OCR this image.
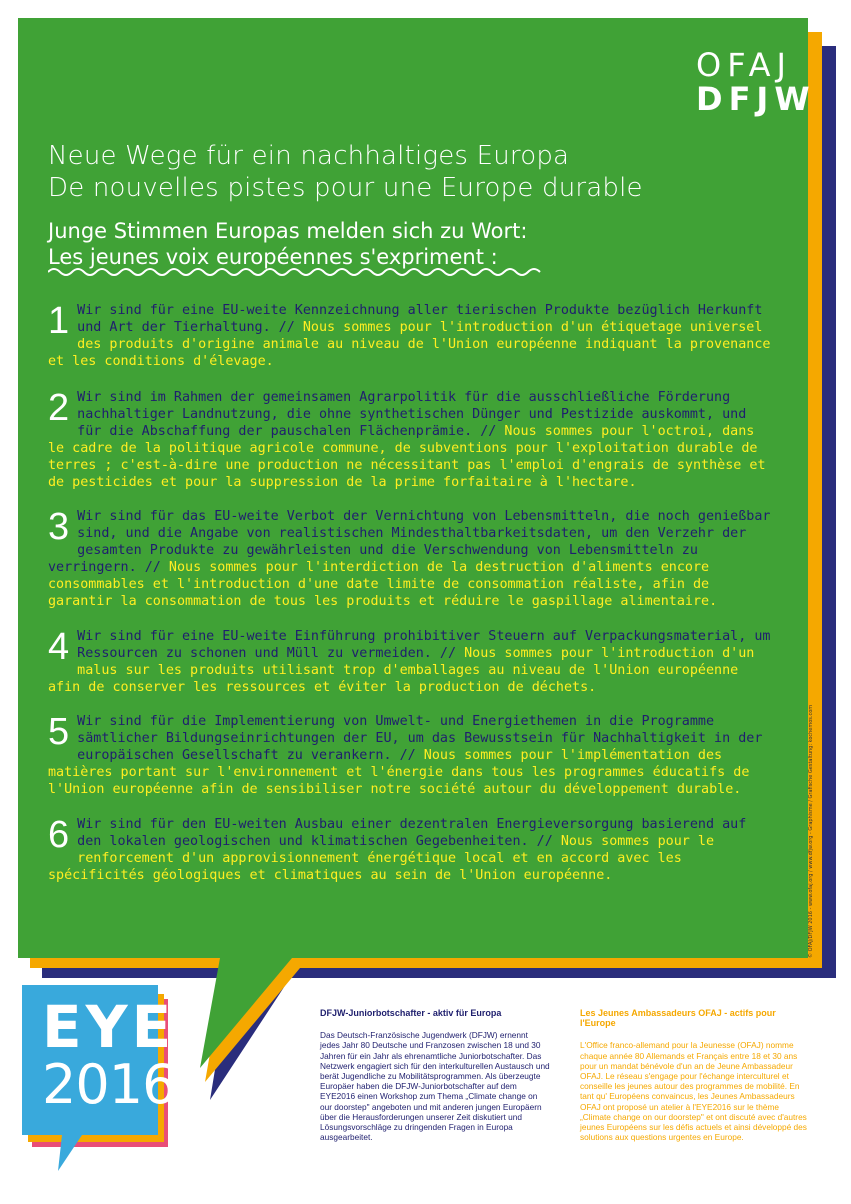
OFAJ
DFJW
Neue Wege für ein nachhaltiges Europa
De nouvelles pistes pour une Europe durable
Junge Stimmen Europas melden sich zu Wort:
Les jeunes voix européennes s'expriment :
1 Wir sind für eine EU-weite Kennzeichnung aller tierischen Produkte bezüglich Herkunft und Art der Tierhaltung. // Nous sommes pour l'introduction d'un étiquetage universel des produits d'origine animale au niveau de l'Union européenne indiquant la provenance et les conditions d'élevage.
2 Wir sind im Rahmen der gemeinsamen Agrarpolitik für die ausschließliche Förderung nachhaltiger Landnutzung, die ohne synthetischen Dünger und Pestizide auskommt, und für die Abschaffung der pauschalen Flächenprämie. // Nous sommes pour l'octroi, dans le cadre de la politique agricole commune, de subventions pour l'exploitation durable de terres ; c'est-à-dire une production ne nécessitant pas l'emploi d'engrais de synthèse et de pesticides et pour la suppression de la prime forfaitaire à l'hectare.
3 Wir sind für das EU-weite Verbot der Vernichtung von Lebensmitteln, die noch genießbar sind, und die Angabe von realistischen Mindesthaltbarkeitsdaten, um den Verzehr der gesamten Produkte zu gewährleisten und die Verschwendung von Lebensmitteln zu verringern. // Nous sommes pour l'interdiction de la destruction d'aliments encore consommables et l'introduction d'une date limite de consommation réaliste, afin de garantir la consommation de tous les produits et réduire le gaspillage alimentaire.
4 Wir sind für eine EU-weite Einführung prohibitiver Steuern auf Verpackungsmaterial, um Ressourcen zu schonen und Müll zu vermeiden. // Nous sommes pour l'introduction d'un malus sur les produits utilisant trop d'emballages au niveau de l'Union européenne afin de conserver les ressources et éviter la production de déchets.
5 Wir sind für die Implementierung von Umwelt- und Energiethemen in die Programme sämtlicher Bildungseinrichtungen der EU, um das Bewusstsein für Nachhaltigkeit in der europäischen Gesellschaft zu verankern. // Nous sommes pour l'implémentation des matières portant sur l'environnement et l'énergie dans tous les programmes éducatifs de l'Union européenne afin de sensibiliser notre société autour du développement durable.
6 Wir sind für den EU-weiten Ausbau einer dezentralen Energieversorgung basierend auf den lokalen geologischen und klimatischen Gegebenheiten. // Nous sommes pour le renforcement d'un approvisionnement énergétique local et en accord avec les spécificités géologiques et climatiques au sein de l'Union européenne.	© OFAJ/DFJW 2016 - www.ofaj.org / www.dfjw.org - Graphisme / Grafische Gestaltung: kochemos.com
EYE
2016
DFJW-Juniorbotschafter - aktiv für Europa

Das Deutsch-Französische Jugendwerk (DFJW) ernennt jedes Jahr 80 Deutsche und Franzosen zwischen 18 und 30 Jahren für ein Jahr als ehrenamtliche Juniorbotschafter. Das Netzwerk engagiert sich für den interkulturellen Austausch und berät Jugendliche zu Mobilitätsprogrammen. Als überzeugte Europäer haben die DFJW-Juniorbotschafter auf dem EYE2016 einen Workshop zum Thema „Climate change on our doorstep" angeboten und mit anderen jungen Europäern über die Herausforderungen unserer Zeit diskutiert und Lösungsvorschläge zu dringenden Fragen in Europa ausgearbeitet.

Les Jeunes Ambassadeurs OFAJ - actifs pour l'Europe

L'Office franco-allemand pour la Jeunesse (OFAJ) nomme chaque année 80 Allemands et Français entre 18 et 30 ans pour un mandat bénévole d'un an de Jeune Ambassadeur OFAJ. Le réseau s'engage pour l'échange interculturel et conseille les jeunes autour des programmes de mobilité. En tant qu' Européens convaincus, les Jeunes Ambassadeurs OFAJ ont proposé un atelier à l'EYE2016 sur le thème „Climate change on our doorstep" et ont discuté avec d'autres jeunes Européens sur les défis actuels et ainsi développé des solutions aux questions urgentes en Europe.
